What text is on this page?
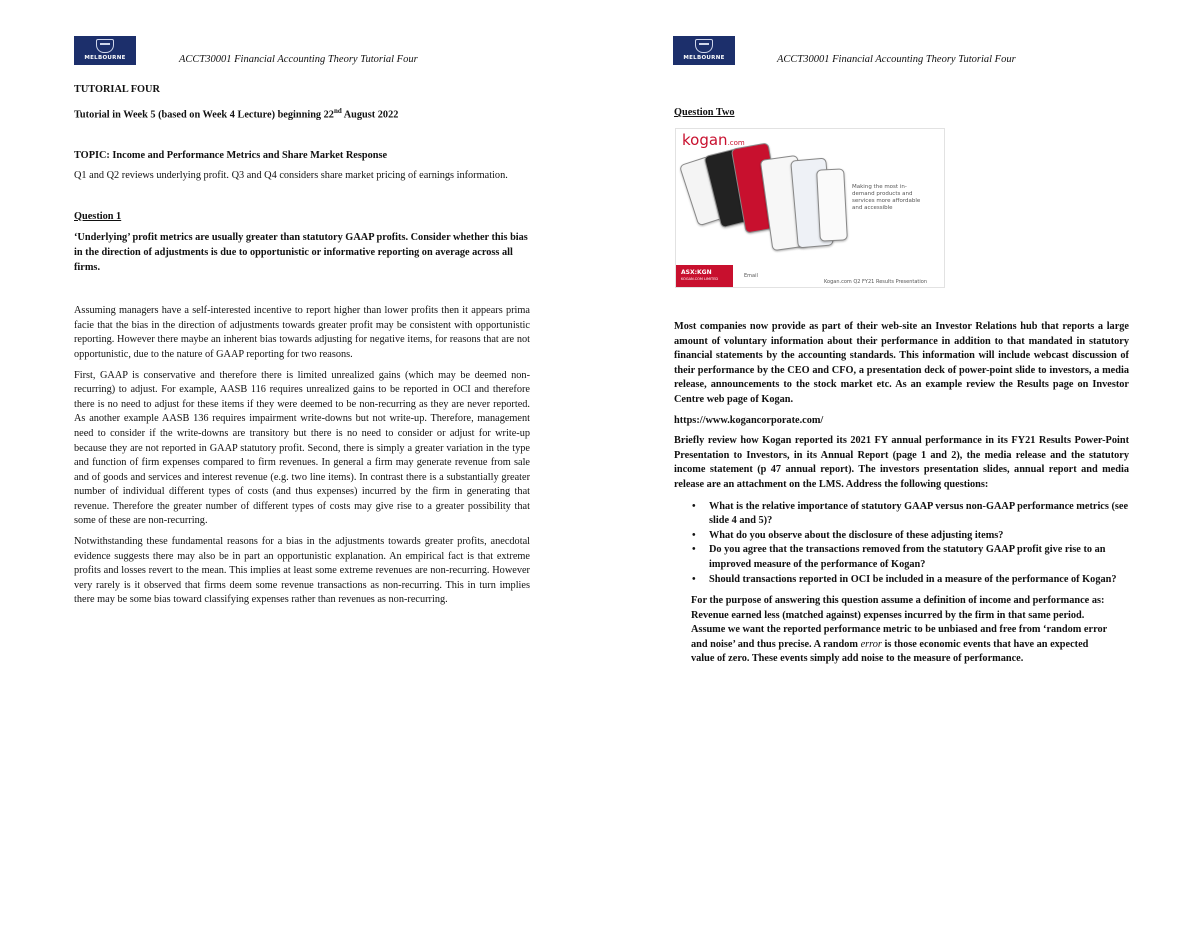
MELBOURNE	ACCT30001 Financial Accounting Theory Tutorial Four

TUTORIAL FOUR

Tutorial in Week 5 (based on Week 4 Lecture) beginning 22nd August 2022

TOPIC: Income and Performance Metrics and Share Market Response

Q1 and Q2 reviews underlying profit. Q3 and Q4 considers share market pricing of earnings information.

Question 1

‘Underlying’ profit metrics are usually greater than statutory GAAP profits. Consider whether this bias in the direction of adjustments is due to opportunistic or informative reporting on average across all firms.

Assuming managers have a self-interested incentive to report higher than lower profits then it appears prima facie that the bias in the direction of adjustments towards greater profit may be consistent with opportunistic reporting. However there maybe an inherent bias towards adjusting for negative items, for reasons that are not opportunistic, due to the nature of GAAP reporting for two reasons.

First, GAAP is conservative and therefore there is limited unrealized gains (which may be deemed non-recurring) to adjust. For example, AASB 116 requires unrealized gains to be reported in OCI and therefore there is no need to adjust for these items if they were deemed to be non-recurring as they are never reported. As another example AASB 136 requires impairment write-downs but not write-up. Therefore, management need to consider if the write-downs are transitory but there is no need to consider or adjust for write-up because they are not reported in GAAP statutory profit. Second, there is simply a greater variation in the type and function of firm expenses compared to firm revenues. In general a firm may generate revenue from sale and of goods and services and interest revenue (e.g. two line items). In contrast there is a substantially greater number of individual different types of costs (and thus expenses) incurred by the firm in generating that revenue. Therefore the greater number of different types of costs may give rise to a greater possibility that some of these are non-recurring.

Notwithstanding these fundamental reasons for a bias in the adjustments towards greater profits, anecdotal evidence suggests there may also be in part an opportunistic explanation. An empirical fact is that extreme profits and losses revert to the mean. This implies at least some extreme revenues are non-recurring. However very rarely is it observed that firms deem some revenue transactions as non-recurring. This in turn implies there may be some bias toward classifying expenses rather than revenues as non-recurring.

MELBOURNE	ACCT30001 Financial Accounting Theory Tutorial Four

Question Two

kogan.com
Making the most in-demand products and services more affordable and accessible
ASX:KGN
KOGAN.COM LIMITED	Email
Kogan.com Q2 FY21 Results Presentation

Most companies now provide as part of their web-site an Investor Relations hub that reports a large amount of voluntary information about their performance in addition to that mandated in statutory financial statements by the accounting standards. This information will include webcast discussion of their performance by the CEO and CFO, a presentation deck of power-point slide to investors, a media release, announcements to the stock market etc. As an example review the Results page on Investor Centre web page of Kogan.

https://www.kogancorporate.com/

Briefly review how Kogan reported its 2021 FY annual performance in its FY21 Results Power-Point Presentation to Investors, in its Annual Report (page 1 and 2), the media release and the statutory income statement (p 47 annual report). The investors presentation slides, annual report and media release are an attachment on the LMS. Address the following questions:

• What is the relative importance of statutory GAAP versus non-GAAP performance metrics (see slide 4 and 5)?
• What do you observe about the disclosure of these adjusting items?
• Do you agree that the transactions removed from the statutory GAAP profit give rise to an improved measure of the performance of Kogan?
• Should transactions reported in OCI be included in a measure of the performance of Kogan?

For the purpose of answering this question assume a definition of income and performance as: Revenue earned less (matched against) expenses incurred by the firm in that same period. Assume we want the reported performance metric to be unbiased and free from ‘random error and noise’ and thus precise. A random error is those economic events that have an expected value of zero. These events simply add noise to the measure of performance.
